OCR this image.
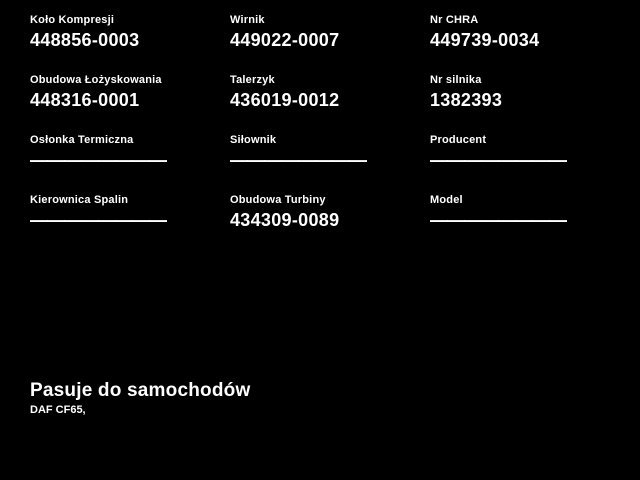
Koło Kompresji
448856-0003
Wirnik
449022-0007
Nr CHRA
449739-0034
Obudowa Łożyskowania
448316-0001
Talerzyk
436019-0012
Nr silnika
1382393
Osłonka Termiczna
————————
Siłownik
————————
Producent
————————
Kierownica Spalin
————————
Obudowa Turbiny
434309-0089
Model
————————
Pasuje do samochodów
DAF CF65,
